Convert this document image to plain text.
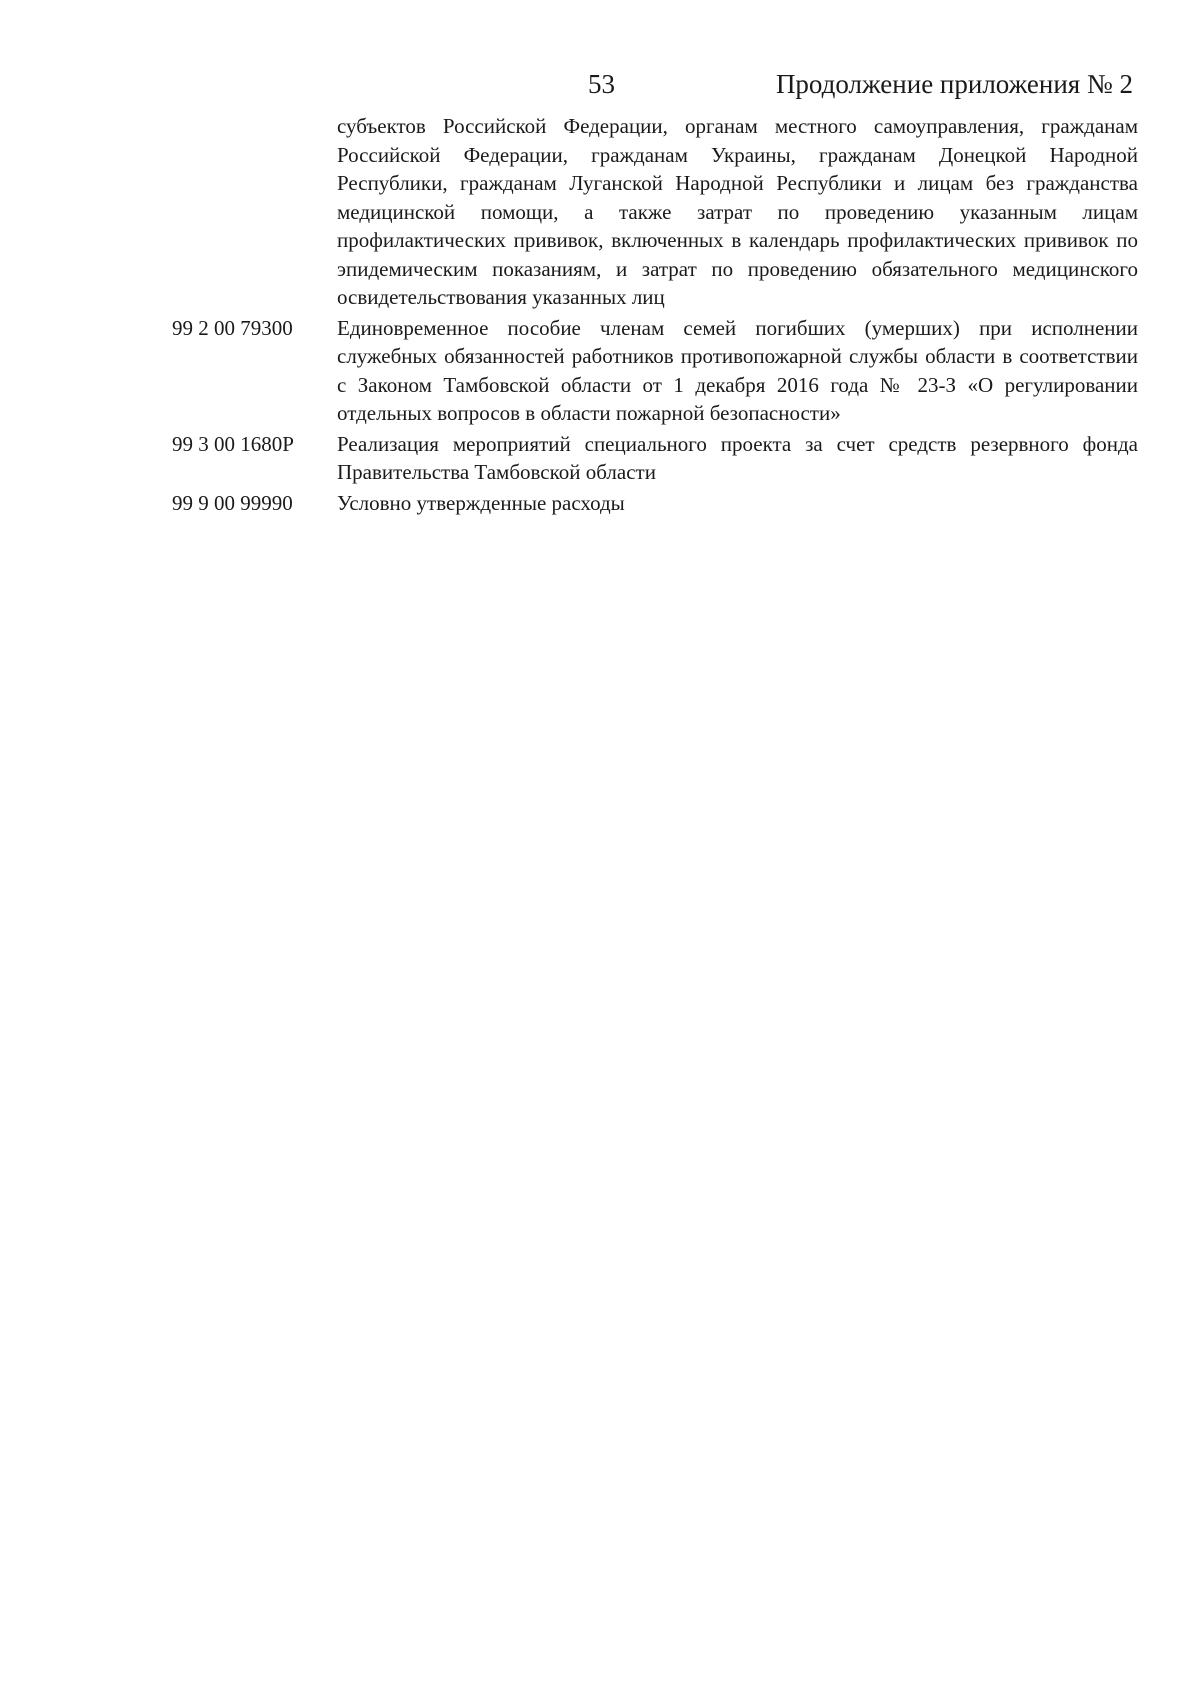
53	Продолжение приложения № 2
субъектов Российской Федерации, органам местного самоуправления, гражданам Российской Федерации, гражданам Украины, гражданам Донецкой Народной Республики, гражданам Луганской Народной Республики и лицам без гражданства медицинской помощи, а также затрат по проведению указанным лицам профилактических прививок, включенных в календарь профилактических прививок по эпидемическим показаниям, и затрат по проведению обязательного медицинского освидетельствования указанных лиц
99 2 00 79300	Единовременное пособие членам семей погибших (умерших) при исполнении служебных обязанностей работников противопожарной службы области в соответствии с Законом Тамбовской области от 1 декабря 2016 года № 23-З «О регулировании отдельных вопросов в области пожарной безопасности»
99 3 00 1680Р	Реализация мероприятий специального проекта за счет средств резервного фонда Правительства Тамбовской области
99 9 00 99990	Условно утвержденные расходы
